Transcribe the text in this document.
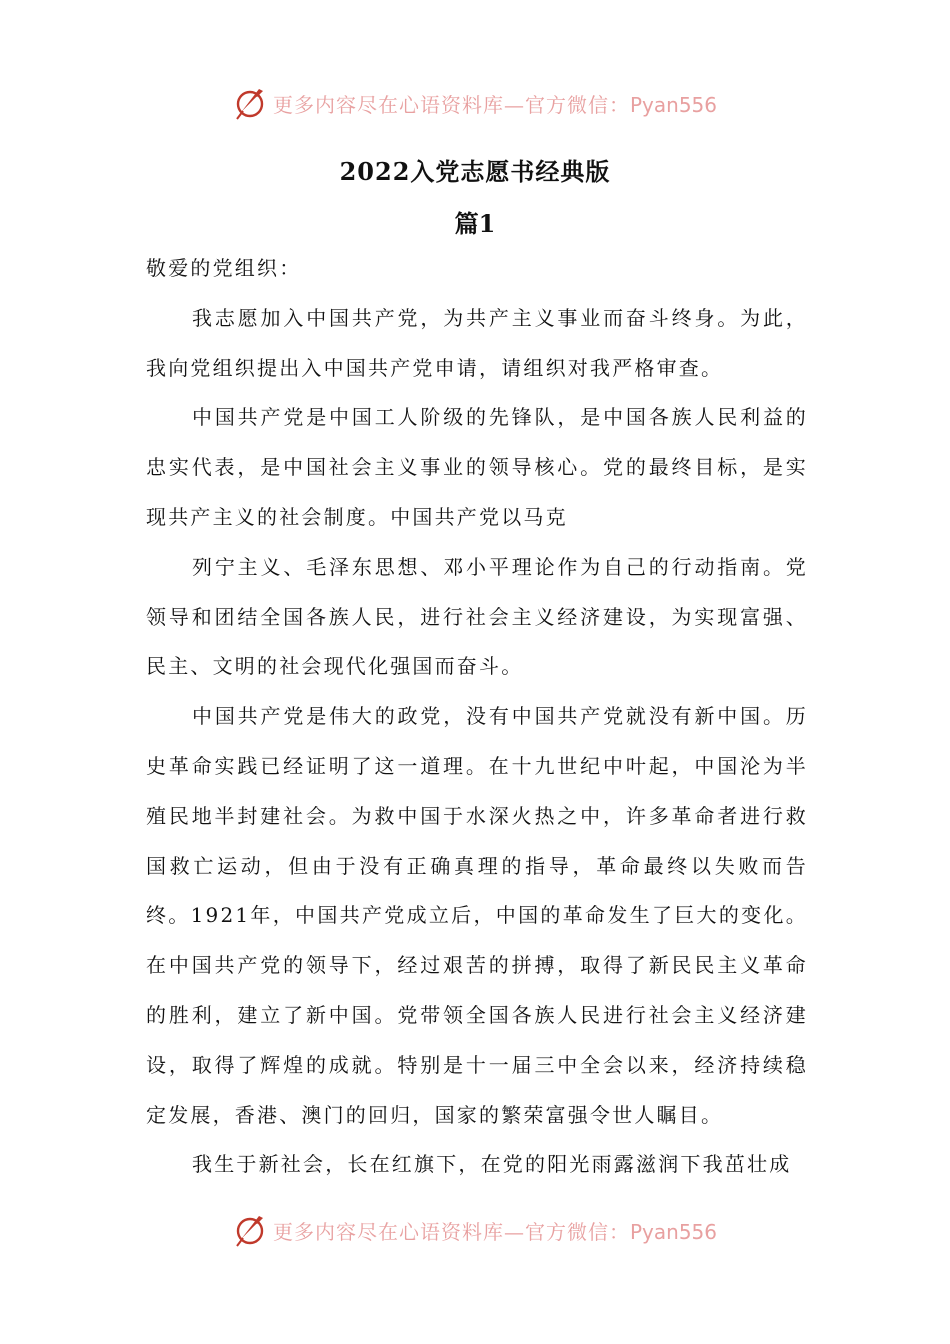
更多内容尽在心语资料库—官方微信：Pyan556
2022入党志愿书经典版
篇1

敬爱的党组织：

我志愿加入中国共产党，为共产主义事业而奋斗终身。为此，我向党组织提出入中国共产党申请，请组织对我严格审查。

中国共产党是中国工人阶级的先锋队，是中国各族人民利益的忠实代表，是中国社会主义事业的领导核心。党的最终目标，是实现共产主义的社会制度。中国共产党以马克

列宁主义、毛泽东思想、邓小平理论作为自己的行动指南。党领导和团结全国各族人民，进行社会主义经济建设，为实现富强、民主、文明的社会现代化强国而奋斗。

中国共产党是伟大的政党，没有中国共产党就没有新中国。历史革命实践已经证明了这一道理。在十九世纪中叶起，中国沦为半殖民地半封建社会。为救中国于水深火热之中，许多革命者进行救国救亡运动，但由于没有正确真理的指导，革命最终以失败而告终。1921年，中国共产党成立后，中国的革命发生了巨大的变化。在中国共产党的领导下，经过艰苦的拼搏，取得了新民民主义革命的胜利，建立了新中国。党带领全国各族人民进行社会主义经济建设，取得了辉煌的成就。特别是十一届三中全会以来，经济持续稳定发展，香港、澳门的回归，国家的繁荣富强令世人瞩目。

我生于新社会，长在红旗下，在党的阳光雨露滋润下我茁壮成

更多内容尽在心语资料库—官方微信：Pyan556
